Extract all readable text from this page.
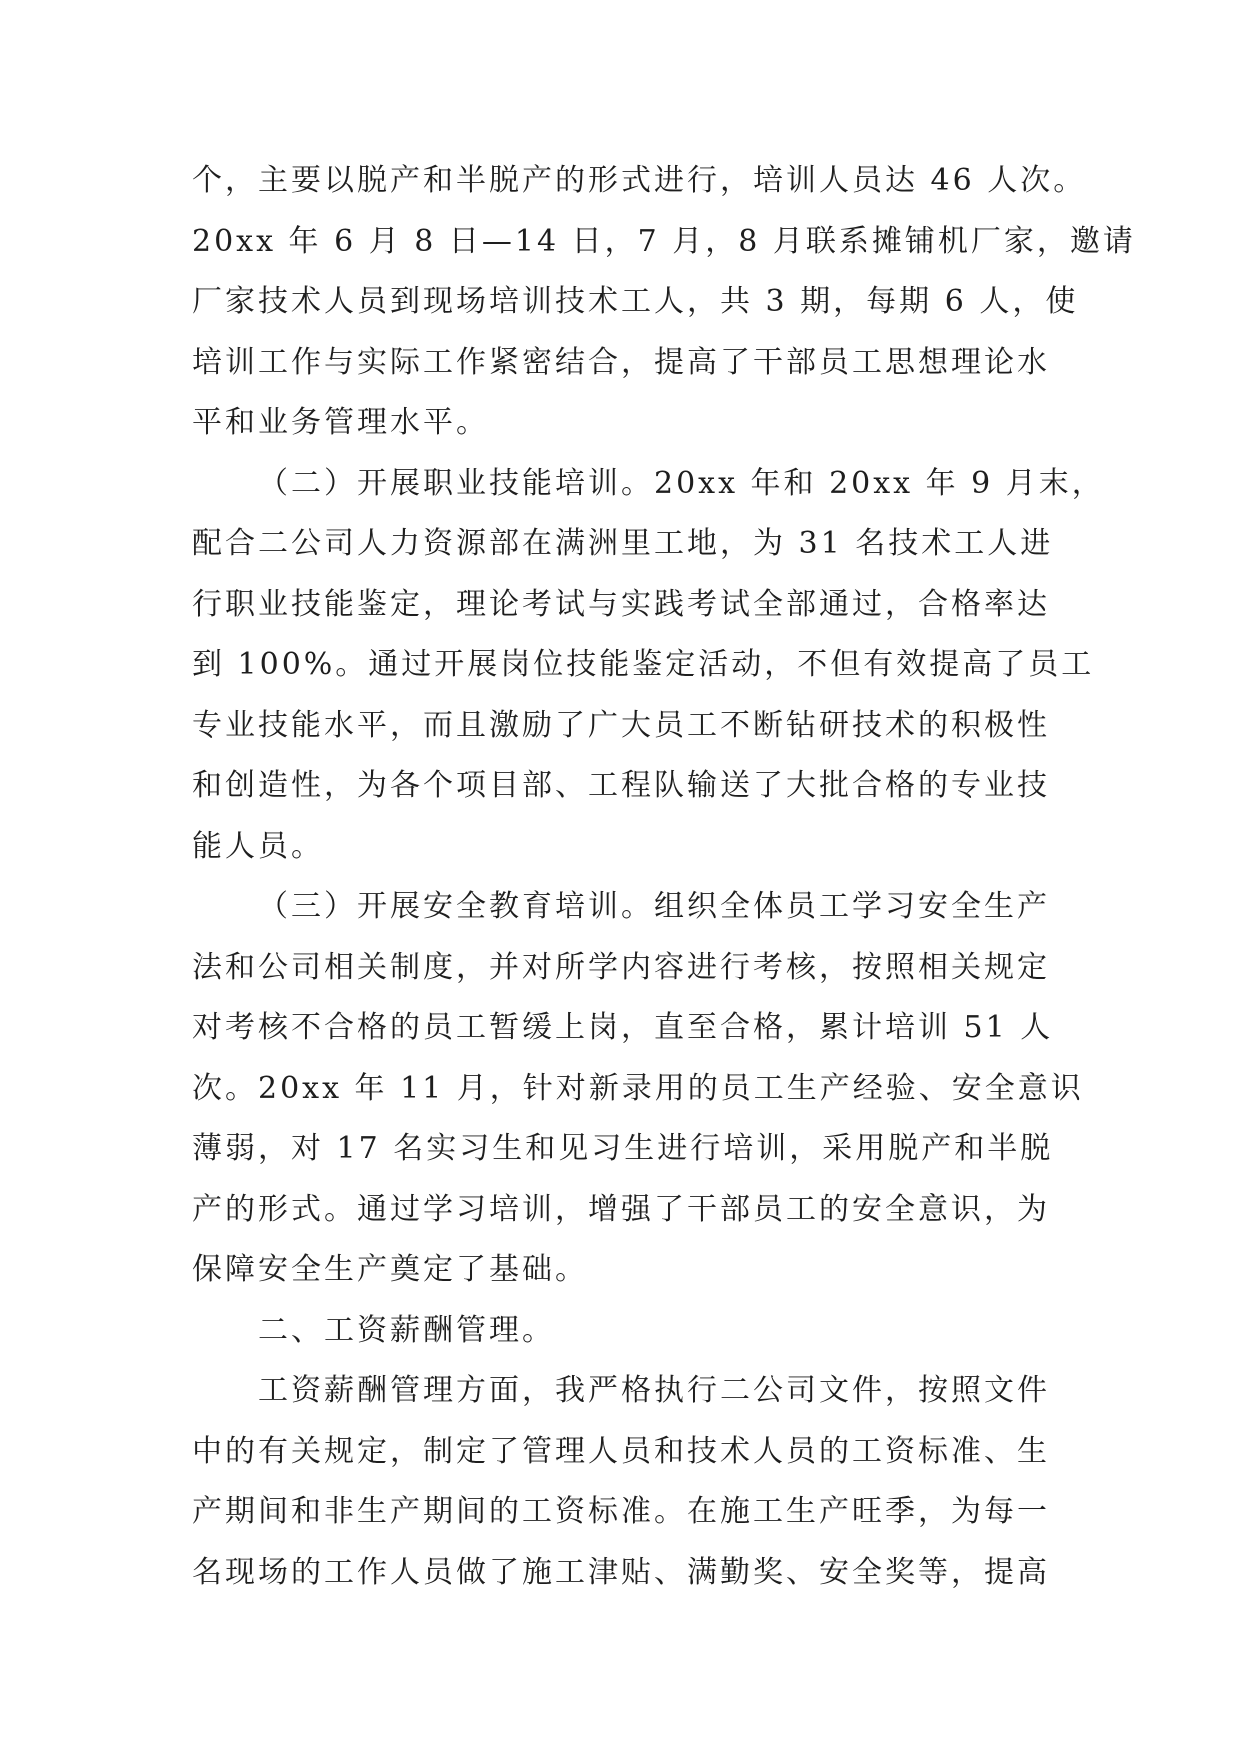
个，主要以脱产和半脱产的形式进行，培训人员达 46 人次。
20xx 年 6 月 8 日—14 日，7 月，8 月联系摊铺机厂家，邀请
厂家技术人员到现场培训技术工人，共 3 期，每期 6 人，使
培训工作与实际工作紧密结合，提高了干部员工思想理论水
平和业务管理水平。
（二）开展职业技能培训。20xx 年和 20xx 年 9 月末，
配合二公司人力资源部在满洲里工地，为 31 名技术工人进
行职业技能鉴定，理论考试与实践考试全部通过，合格率达
到 100%。通过开展岗位技能鉴定活动，不但有效提高了员工
专业技能水平，而且激励了广大员工不断钻研技术的积极性
和创造性，为各个项目部、工程队输送了大批合格的专业技
能人员。
（三）开展安全教育培训。组织全体员工学习安全生产
法和公司相关制度，并对所学内容进行考核，按照相关规定
对考核不合格的员工暂缓上岗，直至合格，累计培训 51 人
次。20xx 年 11 月，针对新录用的员工生产经验、安全意识
薄弱，对 17 名实习生和见习生进行培训，采用脱产和半脱
产的形式。通过学习培训，增强了干部员工的安全意识，为
保障安全生产奠定了基础。
二、工资薪酬管理。
工资薪酬管理方面，我严格执行二公司文件，按照文件
中的有关规定，制定了管理人员和技术人员的工资标准、生
产期间和非生产期间的工资标准。在施工生产旺季，为每一
名现场的工作人员做了施工津贴、满勤奖、安全奖等，提高
